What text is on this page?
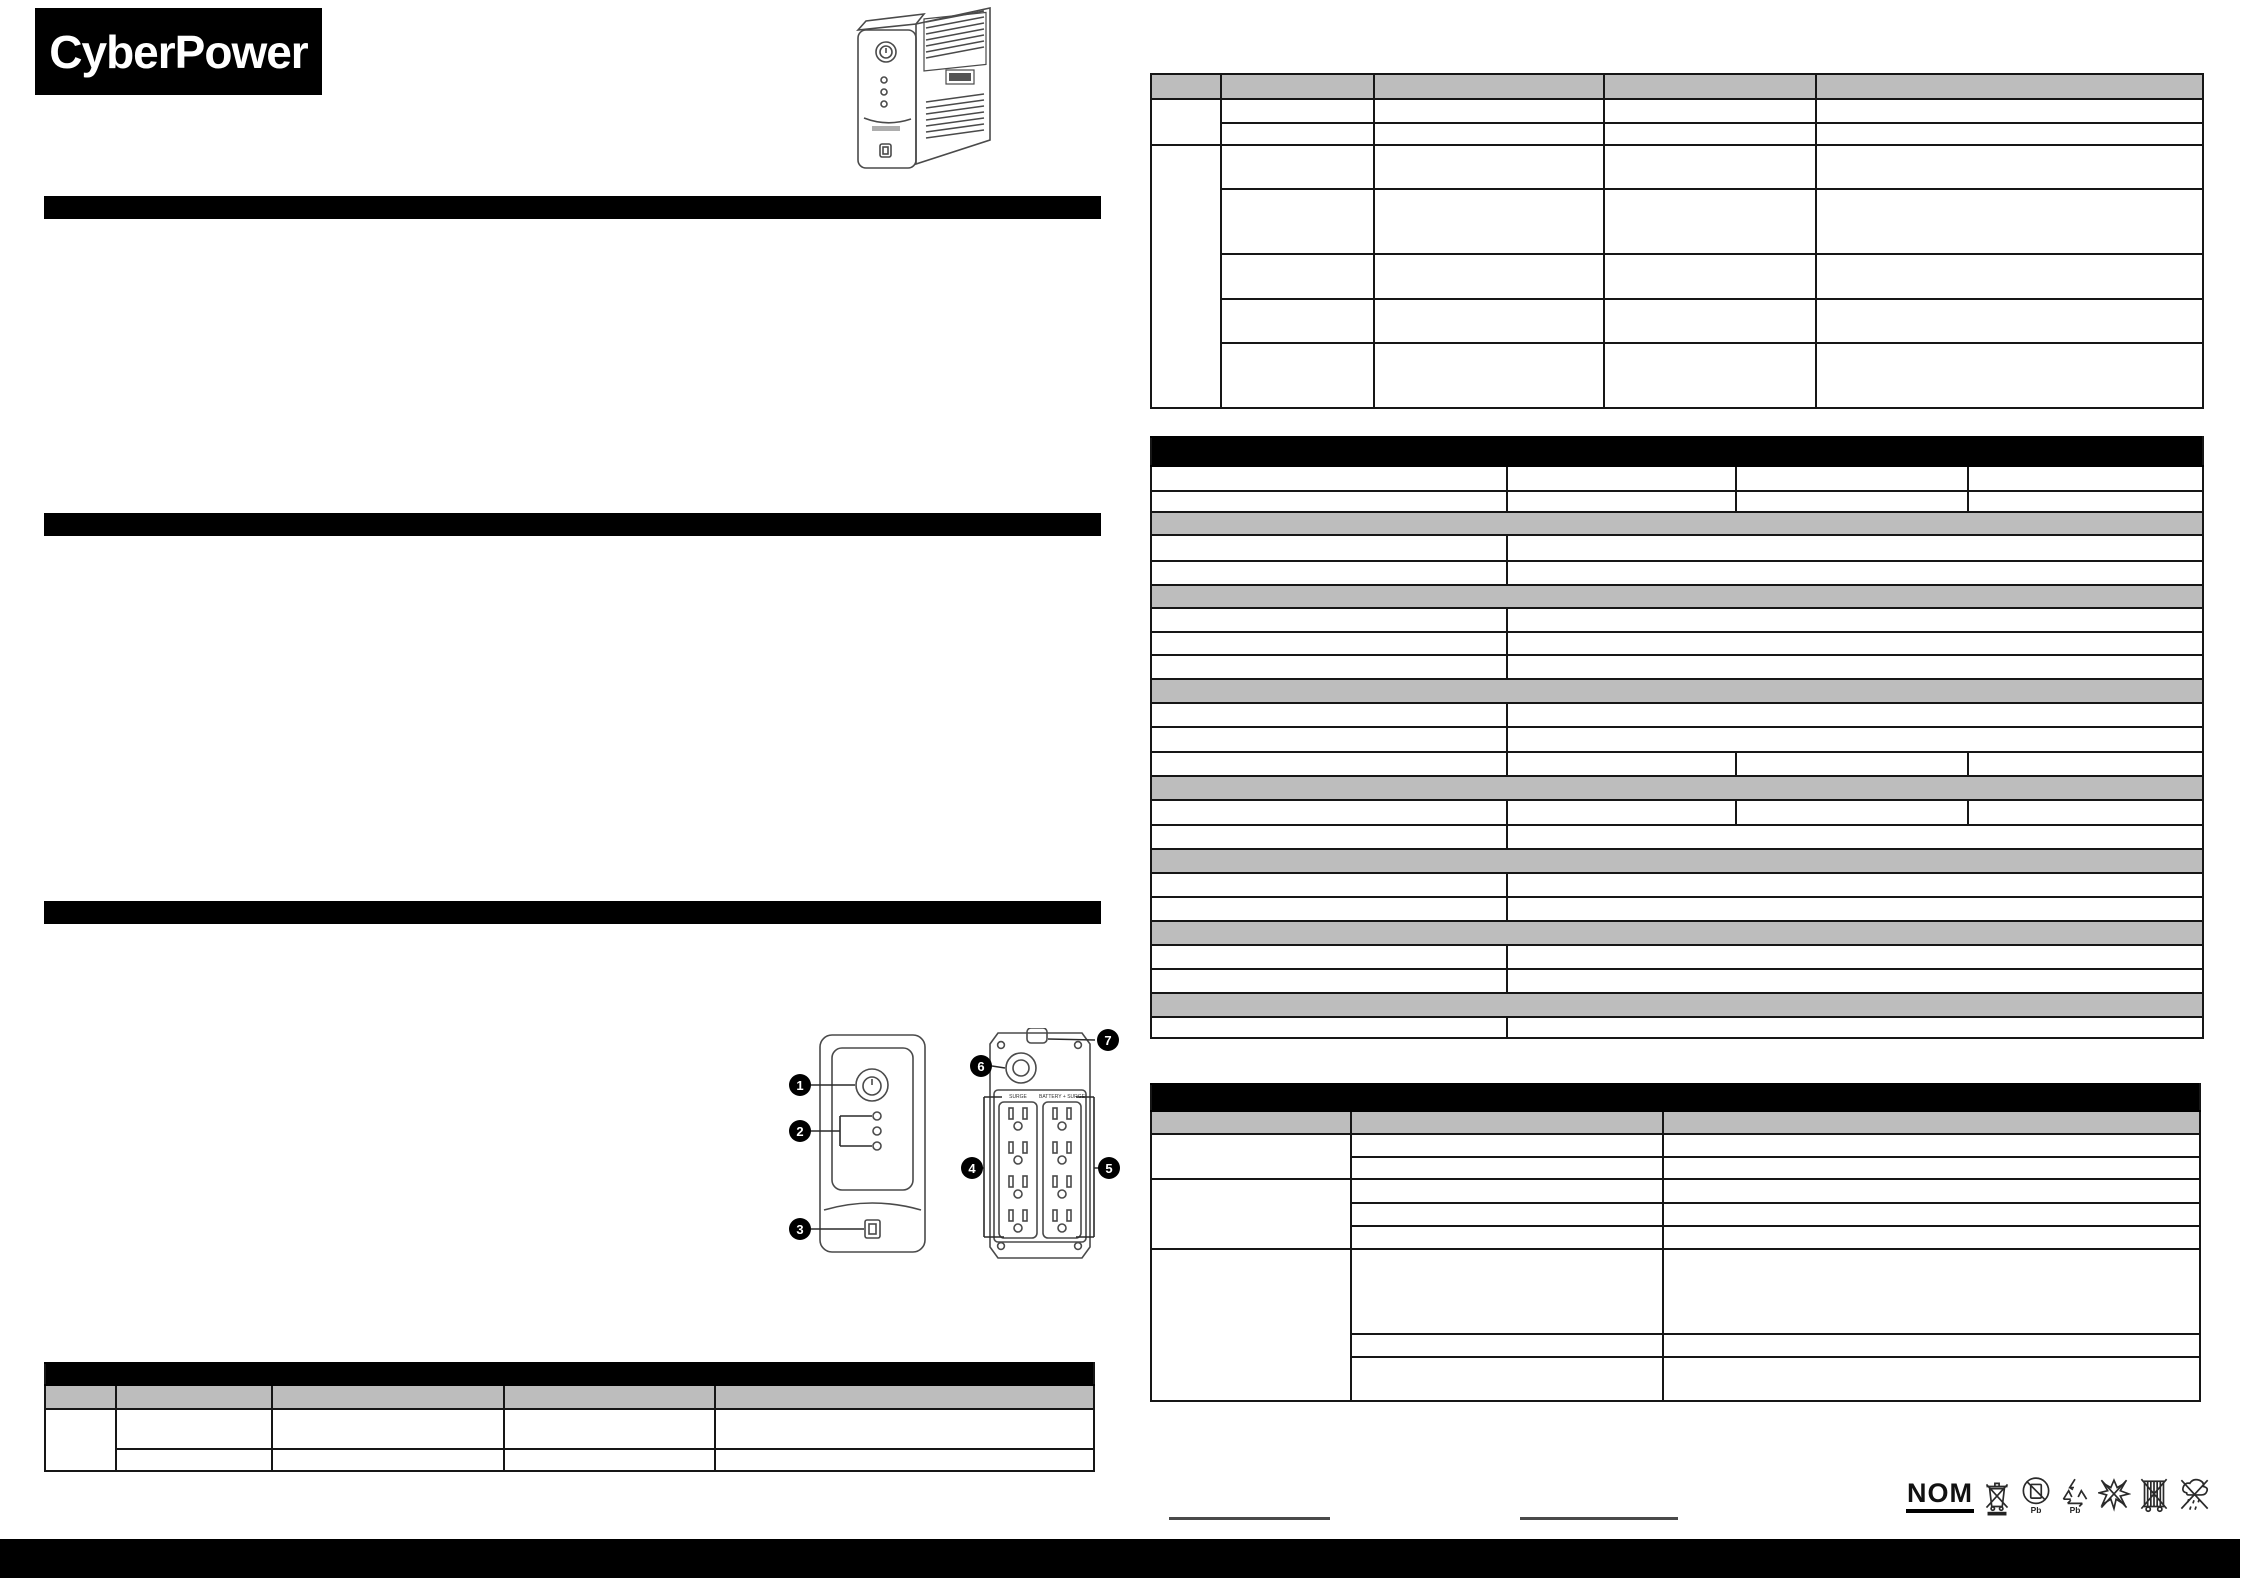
CyberPower
1
2
3
SURGE BATTERY + SURGE
4	5
6
7

NOM
Pb	Pb
